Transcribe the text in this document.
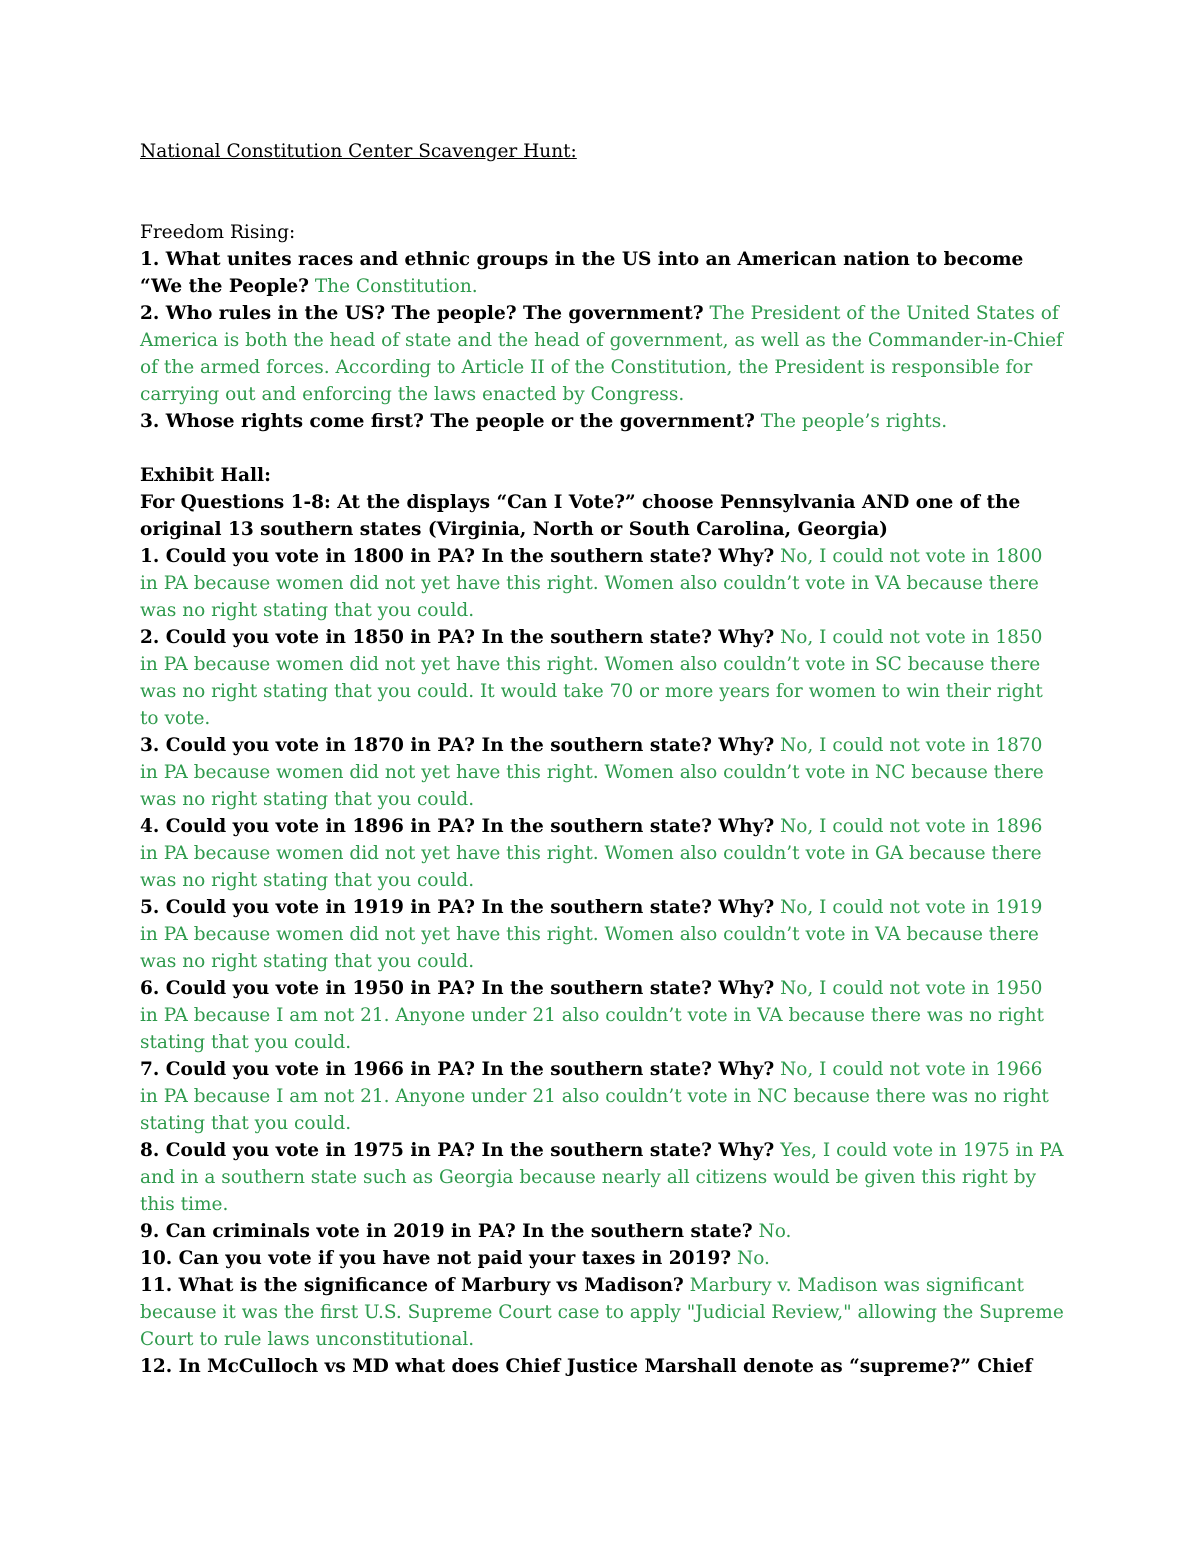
National Constitution Center Scavenger Hunt:

Freedom Rising:

1. What unites races and ethnic groups in the US into an American nation to become “We the People? The Constitution.

2. Who rules in the US? The people? The government? The President of the United States of America is both the head of state and the head of government, as well as the Commander-in-Chief of the armed forces. According to Article II of the Constitution, the President is responsible for carrying out and enforcing the laws enacted by Congress.

3. Whose rights come first? The people or the government? The people’s rights.

Exhibit Hall:

For Questions 1-8: At the displays “Can I Vote?” choose Pennsylvania AND one of the original 13 southern states (Virginia, North or South Carolina, Georgia)

1. Could you vote in 1800 in PA? In the southern state? Why? No, I could not vote in 1800 in PA because women did not yet have this right. Women also couldn’t vote in VA because there was no right stating that you could.

2. Could you vote in 1850 in PA? In the southern state? Why? No, I could not vote in 1850 in PA because women did not yet have this right. Women also couldn’t vote in SC because there was no right stating that you could. It would take 70 or more years for women to win their right to vote.

3. Could you vote in 1870 in PA? In the southern state? Why? No, I could not vote in 1870 in PA because women did not yet have this right. Women also couldn’t vote in NC because there was no right stating that you could.

4. Could you vote in 1896 in PA? In the southern state? Why? No, I could not vote in 1896 in PA because women did not yet have this right. Women also couldn’t vote in GA because there was no right stating that you could.

5. Could you vote in 1919 in PA? In the southern state? Why? No, I could not vote in 1919 in PA because women did not yet have this right. Women also couldn’t vote in VA because there was no right stating that you could.

6. Could you vote in 1950 in PA? In the southern state? Why? No, I could not vote in 1950 in PA because I am not 21. Anyone under 21 also couldn’t vote in VA because there was no right stating that you could.

7. Could you vote in 1966 in PA? In the southern state? Why? No, I could not vote in 1966 in PA because I am not 21. Anyone under 21 also couldn’t vote in NC because there was no right stating that you could.

8. Could you vote in 1975 in PA? In the southern state? Why? Yes, I could vote in 1975 in PA and in a southern state such as Georgia because nearly all citizens would be given this right by this time.

9. Can criminals vote in 2019 in PA? In the southern state? No.

10. Can you vote if you have not paid your taxes in 2019? No.

11. What is the significance of Marbury vs Madison? Marbury v. Madison was significant because it was the first U.S. Supreme Court case to apply "Judicial Review," allowing the Supreme Court to rule laws unconstitutional.

12. In McCulloch vs MD what does Chief Justice Marshall denote as “supreme?” Chief
